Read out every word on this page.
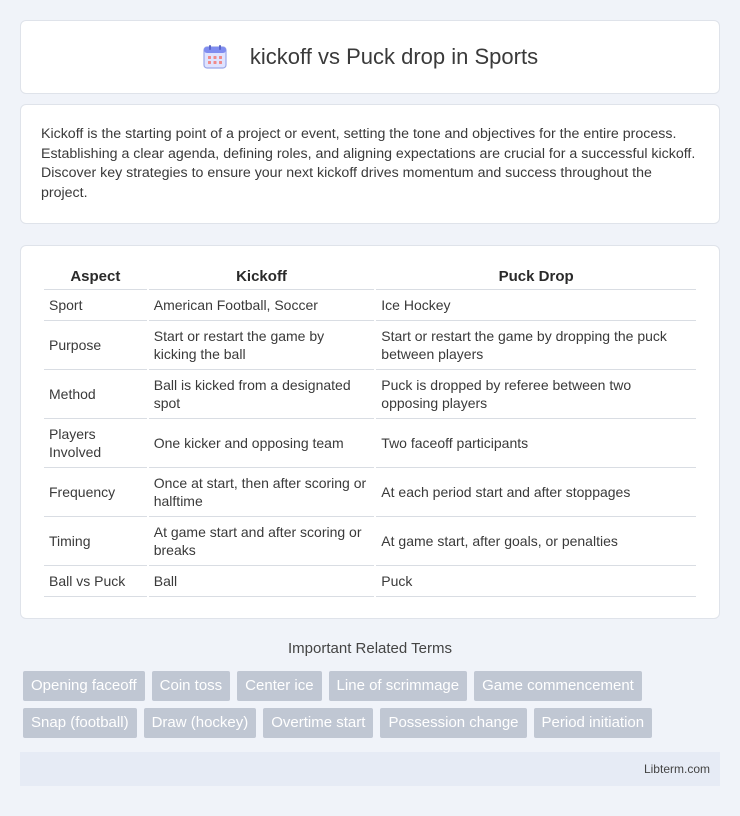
kickoff vs Puck drop in Sports

Kickoff is the starting point of a project or event, setting the tone and objectives for the entire process. Establishing a clear agenda, defining roles, and aligning expectations are crucial for a successful kickoff. Discover key strategies to ensure your next kickoff drives momentum and success throughout the project.

Aspect	Kickoff	Puck Drop
Sport	American Football, Soccer	Ice Hockey
Purpose	Start or restart the game by kicking the ball	Start or restart the game by dropping the puck between players
Method	Ball is kicked from a designated spot	Puck is dropped by referee between two opposing players
Players Involved	One kicker and opposing team	Two faceoff participants
Frequency	Once at start, then after scoring or halftime	At each period start and after stoppages
Timing	At game start and after scoring or breaks	At game start, after goals, or penalties
Ball vs Puck	Ball	Puck
Important Related Terms
Opening faceoff	Coin toss	Center ice	Line of scrimmage	Game commencement
Snap (football)	Draw (hockey)	Overtime start	Possession change	Period initiation
Libterm.com
